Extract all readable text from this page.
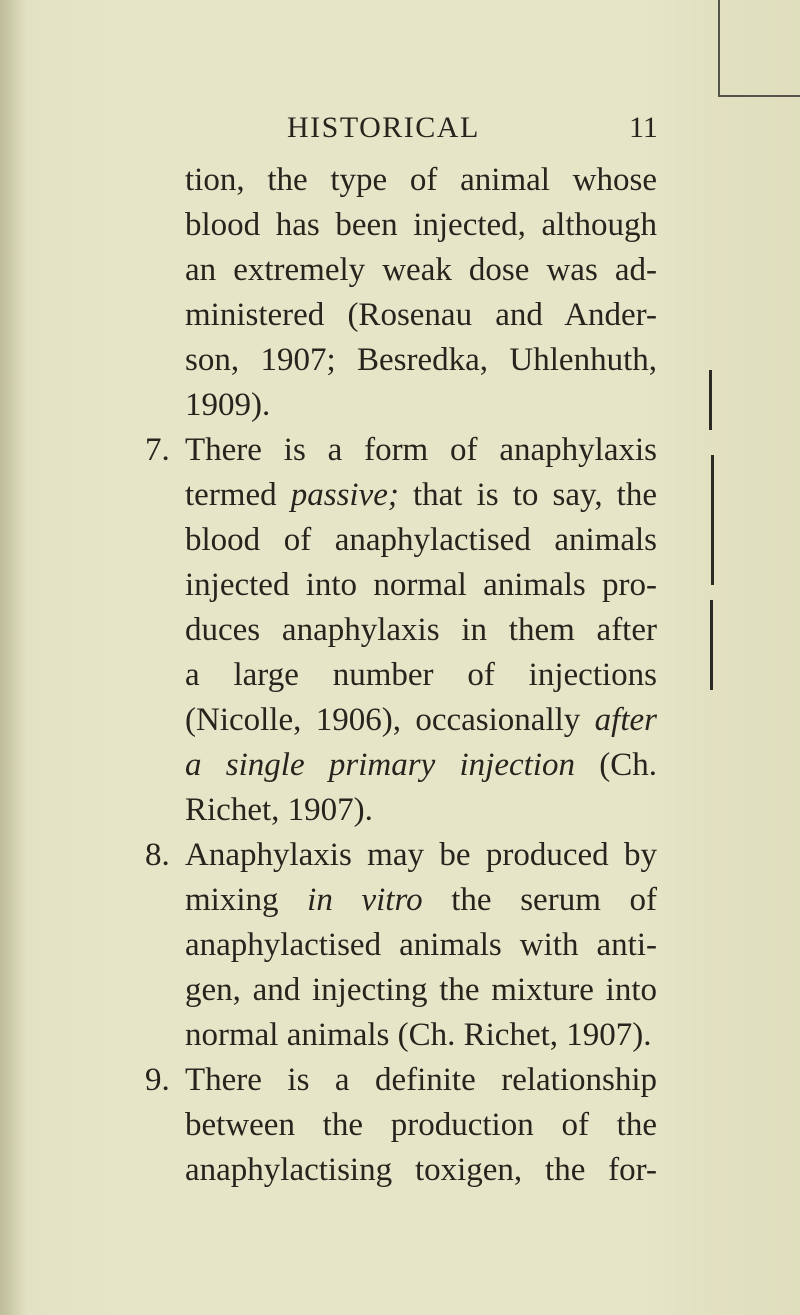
HISTORICAL	11
tion, the type of animal whose
blood has been injected, although
an extremely weak dose was ad-
ministered (Rosenau and Ander-
son, 1907; Besredka, Uhlenhuth,
1909).
7. There is a form of anaphylaxis
termed passive; that is to say, the
blood of anaphylactised animals
injected into normal animals pro-
duces anaphylaxis in them after
a large number of injections
(Nicolle, 1906), occasionally after
a single primary injection (Ch.
Richet, 1907).
8. Anaphylaxis may be produced by
mixing in vitro the serum of
anaphylactised animals with anti-
gen, and injecting the mixture into
normal animals (Ch. Richet, 1907).
9. There is a definite relationship
between the production of the
anaphylactising toxigen, the for-
